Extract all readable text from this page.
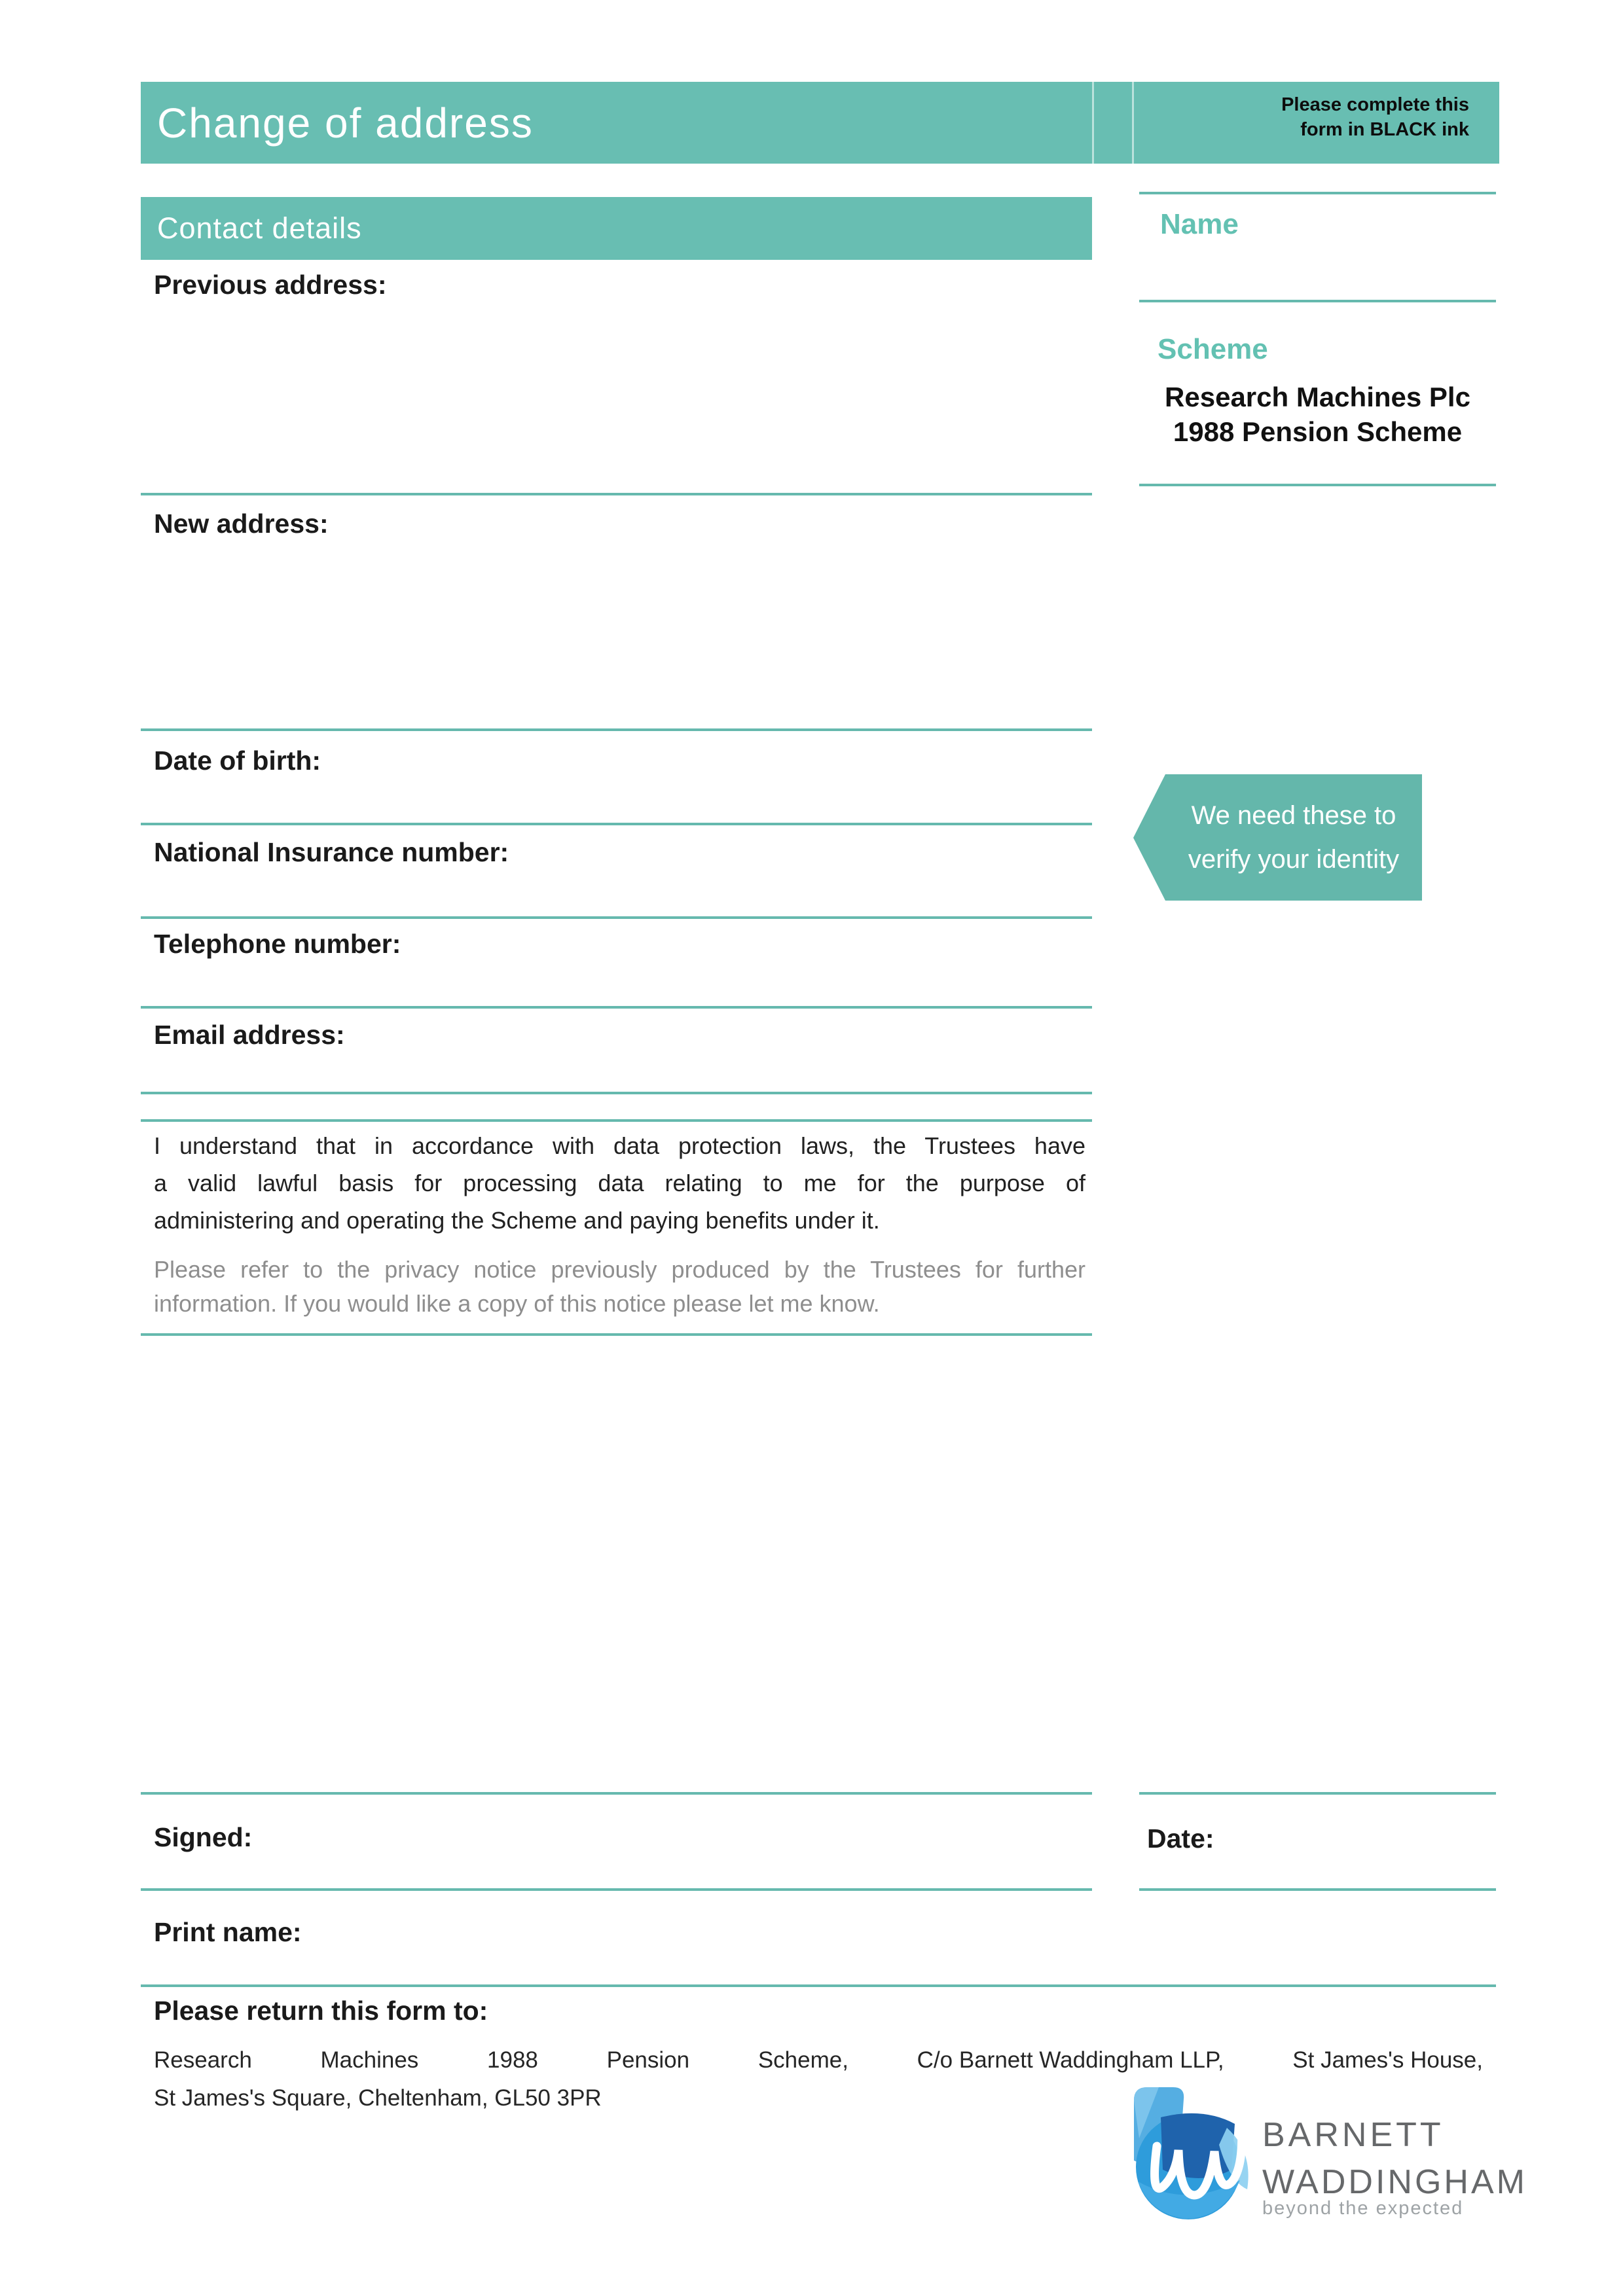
Change of address	Please complete this
form in BLACK ink
Contact details	Name
Scheme
Research Machines Plc
1988 Pension Scheme
Previous address:
New address:
Date of birth:
National Insurance number:
Telephone number:
Email address:
We need these to
verify your identity
I understand that in accordance with data protection laws, the Trustees have
a valid lawful basis for processing data relating to me for the purpose of
administering and operating the Scheme and paying benefits under it.
Please refer to the privacy notice previously produced by the Trustees for further
information. If you would like a copy of this notice please let me know.
Signed:	Date:
Print name:
Please return this form to:
Research	Machines	1988	Pension	Scheme,	C/o Barnett Waddingham LLP,	St James's House,
St James's Square, Cheltenham, GL50 3PR
BARNETT
WADDINGHAM
beyond the expected
